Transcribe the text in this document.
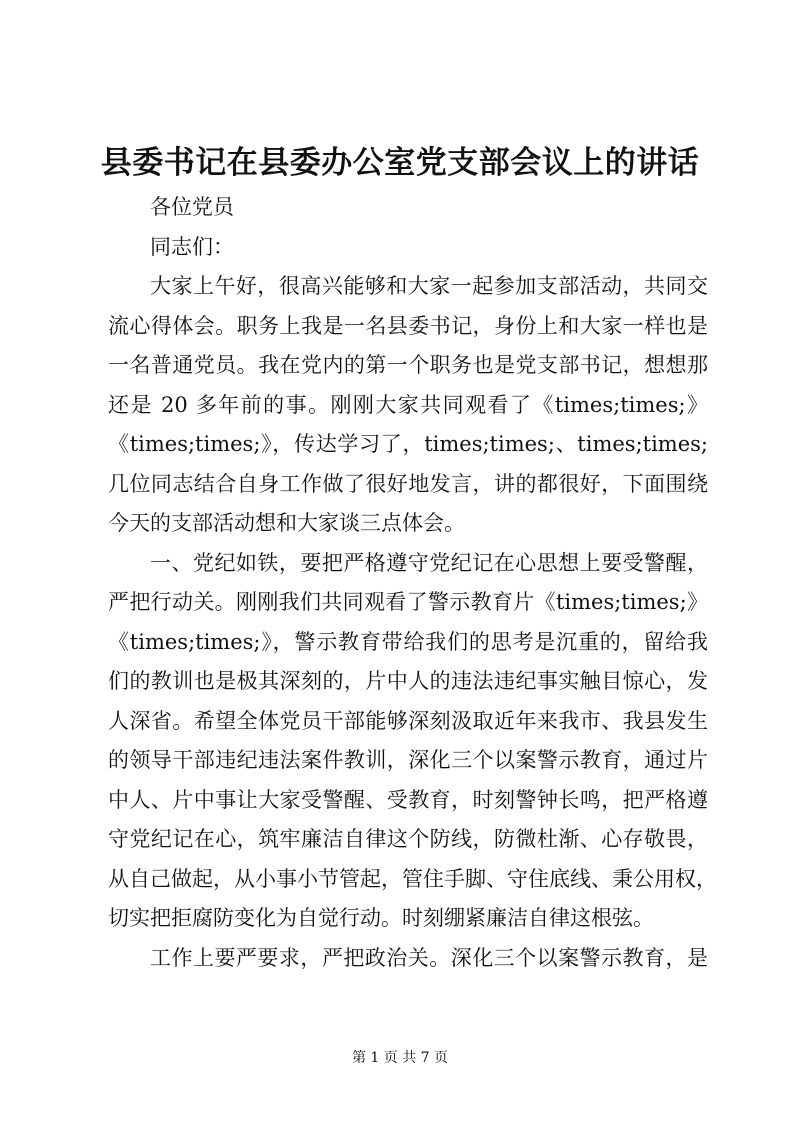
县委书记在县委办公室党支部会议上的讲话
各位党员
同志们：
大家上午好，很高兴能够和大家一起参加支部活动，共同交
流心得体会。职务上我是一名县委书记，身份上和大家一样也是
一名普通党员。我在党内的第一个职务也是党支部书记，想想那
还是 20 多年前的事。刚刚大家共同观看了《times;times;》
《times;times;》，传达学习了，times;times;、times;times;
几位同志结合自身工作做了很好地发言，讲的都很好，下面围绕
今天的支部活动想和大家谈三点体会。
一、党纪如铁，要把严格遵守党纪记在心思想上要受警醒，
严把行动关。刚刚我们共同观看了警示教育片《times;times;》
《times;times;》，警示教育带给我们的思考是沉重的，留给我
们的教训也是极其深刻的，片中人的违法违纪事实触目惊心，发
人深省。希望全体党员干部能够深刻汲取近年来我市、我县发生
的领导干部违纪违法案件教训，深化三个以案警示教育，通过片
中人、片中事让大家受警醒、受教育，时刻警钟长鸣，把严格遵
守党纪记在心，筑牢廉洁自律这个防线，防微杜渐、心存敬畏，
从自己做起，从小事小节管起，管住手脚、守住底线、秉公用权，
切实把拒腐防变化为自觉行动。时刻绷紧廉洁自律这根弦。
工作上要严要求，严把政治关。深化三个以案警示教育，是
第 1 页 共 7 页
